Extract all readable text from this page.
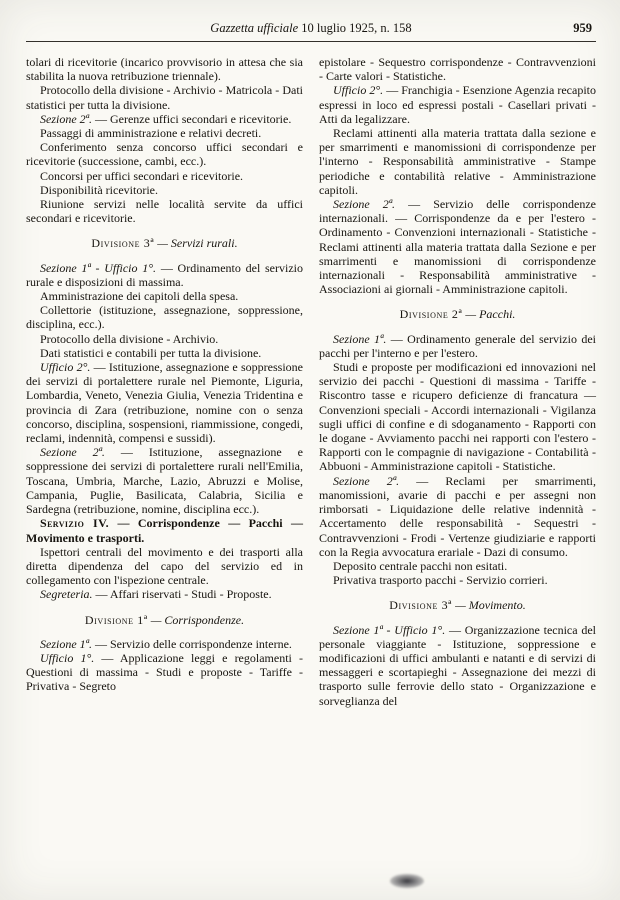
Gazzetta ufficiale 10 luglio 1925, n. 158	959

tolari di ricevitorie (incarico provvisorio in attesa che sia stabilita la nuova retribuzione triennale).

Protocollo della divisione - Archivio - Matricola - Dati statistici per tutta la divisione.

Sezione 2ª. — Gerenze uffici secondari e ricevitorie.

Passaggi di amministrazione e relativi decreti.

Conferimento senza concorso uffici secondari e ricevitorie (successione, cambi, ecc.).

Concorsi per uffici secondari e ricevitorie.

Disponibilità ricevitorie.

Riunione servizi nelle località servite da uffici secondari e ricevitorie.

Divisione 3ª — Servizi rurali.

Sezione 1ª - Ufficio 1°. — Ordinamento del servizio rurale e disposizioni di massima.

Amministrazione dei capitoli della spesa.

Collettorie (istituzione, assegnazione, soppressione, disciplina, ecc.).

Protocollo della divisione - Archivio.

Dati statistici e contabili per tutta la divisione.

Ufficio 2°. — Istituzione, assegnazione e soppressione dei servizi di portalettere rurale nel Piemonte, Liguria, Lombardia, Veneto, Venezia Giulia, Venezia Tridentina e provincia di Zara (retribuzione, nomine con o senza concorso, disciplina, sospensioni, riammissione, congedi, reclami, indennità, compensi e sussidi).

Sezione 2ª. — Istituzione, assegnazione e soppressione dei servizi di portalettere rurali nell'Emilia, Toscana, Umbria, Marche, Lazio, Abruzzi e Molise, Campania, Puglie, Basilicata, Calabria, Sicilia e Sardegna (retribuzione, nomine, disciplina ecc.).

Servizio IV. — Corrispondenze — Pacchi — Movimento e trasporti.

Ispettori centrali del movimento e dei trasporti alla diretta dipendenza del capo del servizio ed in collegamento con l'ispezione centrale.

Segreteria. — Affari riservati - Studi - Proposte.

Divisione 1ª — Corrispondenze.

Sezione 1ª. — Servizio delle corrispondenze interne.

Ufficio 1°. — Applicazione leggi e regolamenti - Questioni di massima - Studi e proposte - Tariffe - Privativa - Segreto

epistolare - Sequestro corrispondenze - Contravvenzioni - Carte valori - Statistiche.

Ufficio 2°. — Franchigia - Esenzione Agenzia recapito espressi in loco ed espressi postali - Casellari privati - Atti da legalizzare.

Reclami attinenti alla materia trattata dalla sezione e per smarrimenti e manomissioni di corrispondenze per l'interno - Responsabilità amministrative - Stampe periodiche e contabilità relative - Amministrazione capitoli.

Sezione 2ª. — Servizio delle corrispondenze internazionali. — Corrispondenze da e per l'estero - Ordinamento - Convenzioni internazionali - Statistiche - Reclami attinenti alla materia trattata dalla Sezione e per smarrimenti e manomissioni di corrispondenze internazionali - Responsabilità amministrative - Associazioni ai giornali - Amministrazione capitoli.

Divisione 2ª — Pacchi.

Sezione 1ª. — Ordinamento generale del servizio dei pacchi per l'interno e per l'estero.

Studi e proposte per modificazioni ed innovazioni nel servizio dei pacchi - Questioni di massima - Tariffe - Riscontro tasse e ricupero deficienze di francatura — Convenzioni speciali - Accordi internazionali - Vigilanza sugli uffici di confine e di sdoganamento - Rapporti con le dogane - Avviamento pacchi nei rapporti con l'estero - Rapporti con le compagnie di navigazione - Contabilità - Abbuoni - Amministrazione capitoli - Statistiche.

Sezione 2ª. — Reclami per smarrimenti, manomissioni, avarie di pacchi e per assegni non rimborsati - Liquidazione delle relative indennità - Accertamento delle responsabilità - Sequestri - Contravvenzioni - Frodi - Vertenze giudiziarie e rapporti con la Regia avvocatura erariale - Dazi di consumo.

Deposito centrale pacchi non esitati.

Privativa trasporto pacchi - Servizio corrieri.

Divisione 3ª — Movimento.

Sezione 1ª - Ufficio 1°. — Organizzazione tecnica del personale viaggiante - Istituzione, soppressione e modificazioni di uffici ambulanti e natanti e di servizi di messaggeri e scortapieghi - Assegnazione dei mezzi di trasporto sulle ferrovie dello stato - Organizzazione e sorveglianza del
